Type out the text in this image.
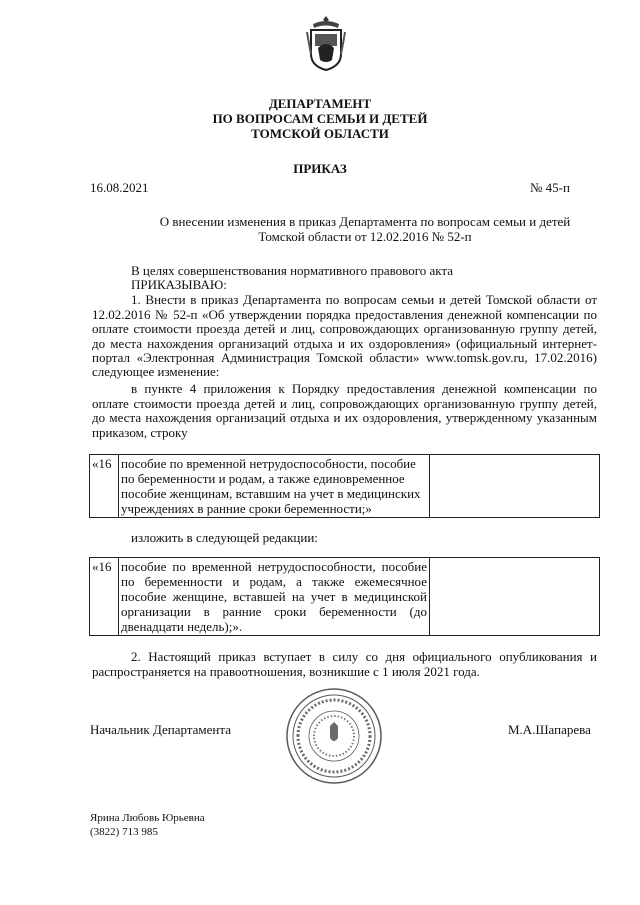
ДЕПАРТАМЕНТ
ПО ВОПРОСАМ СЕМЬИ И ДЕТЕЙ
ТОМСКОЙ ОБЛАСТИ
ПРИКАЗ
16.08.2021	№ 45-п
О внесении изменения в приказ Департамента по вопросам семьи и детей
Томской области от 12.02.2016 № 52-п
В целях совершенствования нормативного правового акта
ПРИКАЗЫВАЮ:
1. Внести в приказ Департамента по вопросам семьи и детей Томской области от
12.02.2016 № 52-п «Об утверждении порядка предоставления денежной компенсации по
оплате стоимости проезда детей и лиц, сопровождающих организованную группу детей,
до места нахождения организаций отдыха и их оздоровления» (официальный интернет-
портал «Электронная Администрация Томской области» www.tomsk.gov.ru, 17.02.2016)
следующее изменение:
в пункте 4 приложения к Порядку предоставления денежной компенсации по
оплате стоимости проезда детей и лиц, сопровождающих организованную группу детей,
до места нахождения организаций отдыха и их оздоровления, утвержденному указанным
приказом, строку
«16	пособие по временной нетрудоспособности, пособие
по беременности и родам, а также единовременное
пособие женщинам, вставшим на учет в медицинских
учреждениях в ранние сроки беременности;»

изложить в следующей редакции:
«16	пособие по временной нетрудоспособности, пособие
по беременности и родам, а также ежемесячное
пособие женщине, вставшей на учет в медицинской
организации в ранние сроки беременности (до
двенадцати недель);».

2. Настоящий приказ вступает в силу со дня официального опубликования и
распространяется на правоотношения, возникшие с 1 июля 2021 года.
Начальник Департамента	М.А.Шапарева
Ярина Любовь Юрьевна
(3822) 713 985
